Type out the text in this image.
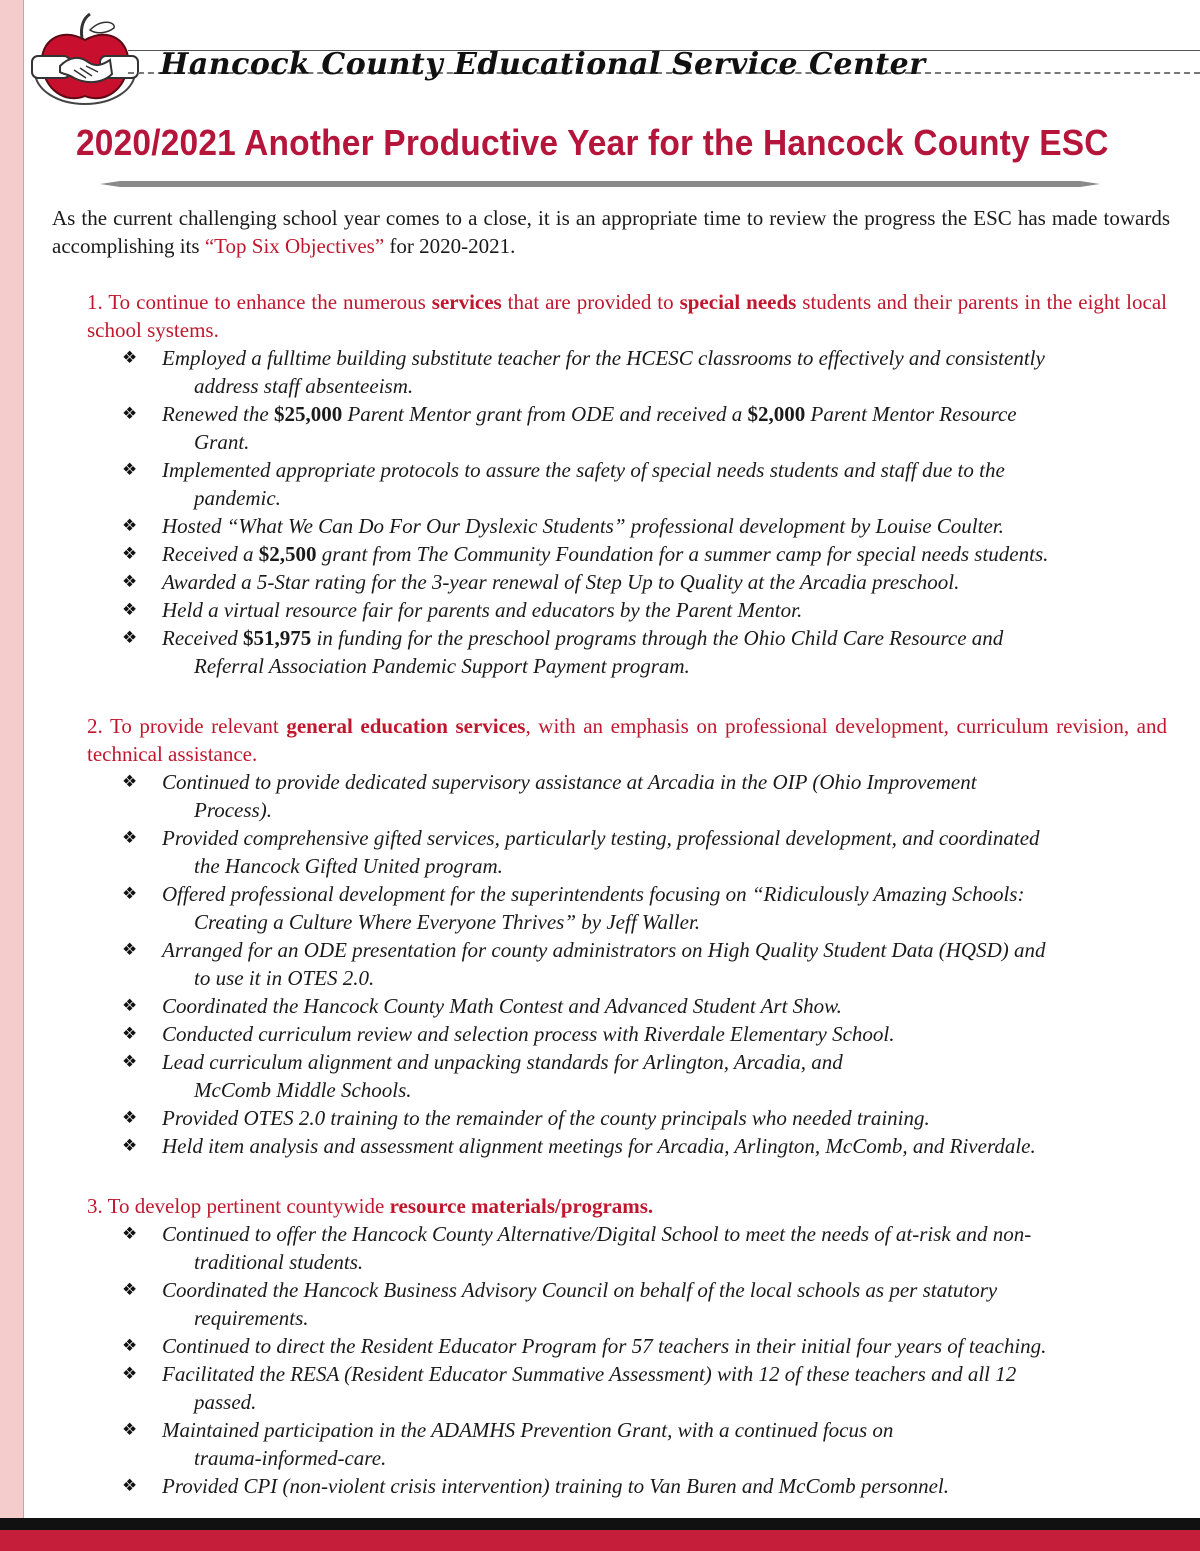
Hancock County Educational Service Center
2020/2021 Another Productive Year for the Hancock County ESC
As the current challenging school year comes to a close, it is an appropriate time to review the progress the ESC has made towards accomplishing its “Top Six Objectives” for 2020-2021.
1. To continue to enhance the numerous services that are provided to special needs students and their parents in the eight local school systems.
❖ Employed a fulltime building substitute teacher for the HCESC classrooms to effectively and consistently
address staff absenteeism.
❖ Renewed the $25,000 Parent Mentor grant from ODE and received a $2,000 Parent Mentor Resource
Grant.
❖ Implemented appropriate protocols to assure the safety of special needs students and staff due to the
pandemic.
❖ Hosted “What We Can Do For Our Dyslexic Students” professional development by Louise Coulter.
❖ Received a $2,500 grant from The Community Foundation for a summer camp for special needs students.
❖ Awarded a 5-Star rating for the 3-year renewal of Step Up to Quality at the Arcadia preschool.
❖ Held a virtual resource fair for parents and educators by the Parent Mentor.
❖ Received $51,975 in funding for the preschool programs through the Ohio Child Care Resource and
Referral Association Pandemic Support Payment program.
2. To provide relevant general education services, with an emphasis on professional development, curriculum revision, and technical assistance.
❖ Continued to provide dedicated supervisory assistance at Arcadia in the OIP (Ohio Improvement
Process).
❖ Provided comprehensive gifted services, particularly testing, professional development, and coordinated
the Hancock Gifted United program.
❖ Offered professional development for the superintendents focusing on “Ridiculously Amazing Schools:
Creating a Culture Where Everyone Thrives” by Jeff Waller.
❖ Arranged for an ODE presentation for county administrators on High Quality Student Data (HQSD) and
to use it in OTES 2.0.
❖ Coordinated the Hancock County Math Contest and Advanced Student Art Show.
❖ Conducted curriculum review and selection process with Riverdale Elementary School.
❖ Lead curriculum alignment and unpacking standards for Arlington, Arcadia, and
McComb Middle Schools.
❖ Provided OTES 2.0 training to the remainder of the county principals who needed training.
❖ Held item analysis and assessment alignment meetings for Arcadia, Arlington, McComb, and Riverdale.
3. To develop pertinent countywide resource materials/programs.
❖ Continued to offer the Hancock County Alternative/Digital School to meet the needs of at-risk and non-
traditional students.
❖ Coordinated the Hancock Business Advisory Council on behalf of the local schools as per statutory
requirements.
❖ Continued to direct the Resident Educator Program for 57 teachers in their initial four years of teaching.
❖ Facilitated the RESA (Resident Educator Summative Assessment) with 12 of these teachers and all 12
passed.
❖ Maintained participation in the ADAMHS Prevention Grant, with a continued focus on
trauma-informed-care.
❖ Provided CPI (non-violent crisis intervention) training to Van Buren and McComb personnel.
